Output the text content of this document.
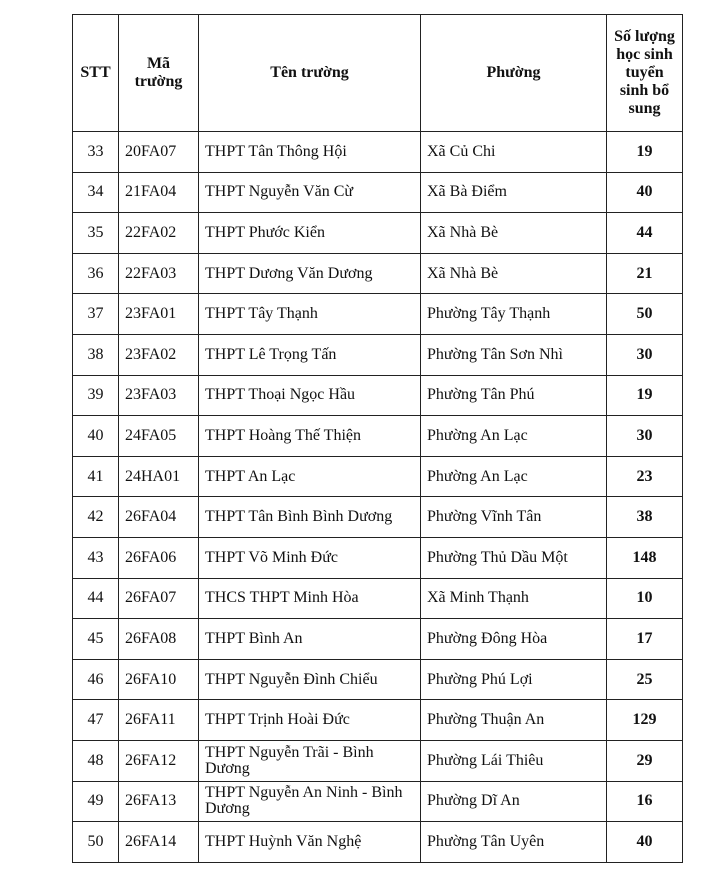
STT	Mã trường	Tên trường	Phường	Số lượng học sinh tuyển sinh bổ sung
33	20FA07	THPT Tân Thông Hội	Xã Củ Chi	19
34	21FA04	THPT Nguyễn Văn Cừ	Xã Bà Điểm	40
35	22FA02	THPT Phước Kiển	Xã Nhà Bè	44
36	22FA03	THPT Dương Văn Dương	Xã Nhà Bè	21
37	23FA01	THPT Tây Thạnh	Phường Tây Thạnh	50
38	23FA02	THPT Lê Trọng Tấn	Phường Tân Sơn Nhì	30
39	23FA03	THPT Thoại Ngọc Hầu	Phường Tân Phú	19
40	24FA05	THPT Hoàng Thế Thiện	Phường An Lạc	30
41	24HA01	THPT An Lạc	Phường An Lạc	23
42	26FA04	THPT Tân Bình Bình Dương	Phường Vĩnh Tân	38
43	26FA06	THPT Võ Minh Đức	Phường Thủ Dầu Một	148
44	26FA07	THCS THPT Minh Hòa	Xã Minh Thạnh	10
45	26FA08	THPT Bình An	Phường Đông Hòa	17
46	26FA10	THPT Nguyễn Đình Chiểu	Phường Phú Lợi	25
47	26FA11	THPT Trịnh Hoài Đức	Phường Thuận An	129
48	26FA12	THPT Nguyễn Trãi - Bình Dương	Phường Lái Thiêu	29
49	26FA13	THPT Nguyễn An Ninh - Bình Dương	Phường Dĩ An	16
50	26FA14	THPT Huỳnh Văn Nghệ	Phường Tân Uyên	40
